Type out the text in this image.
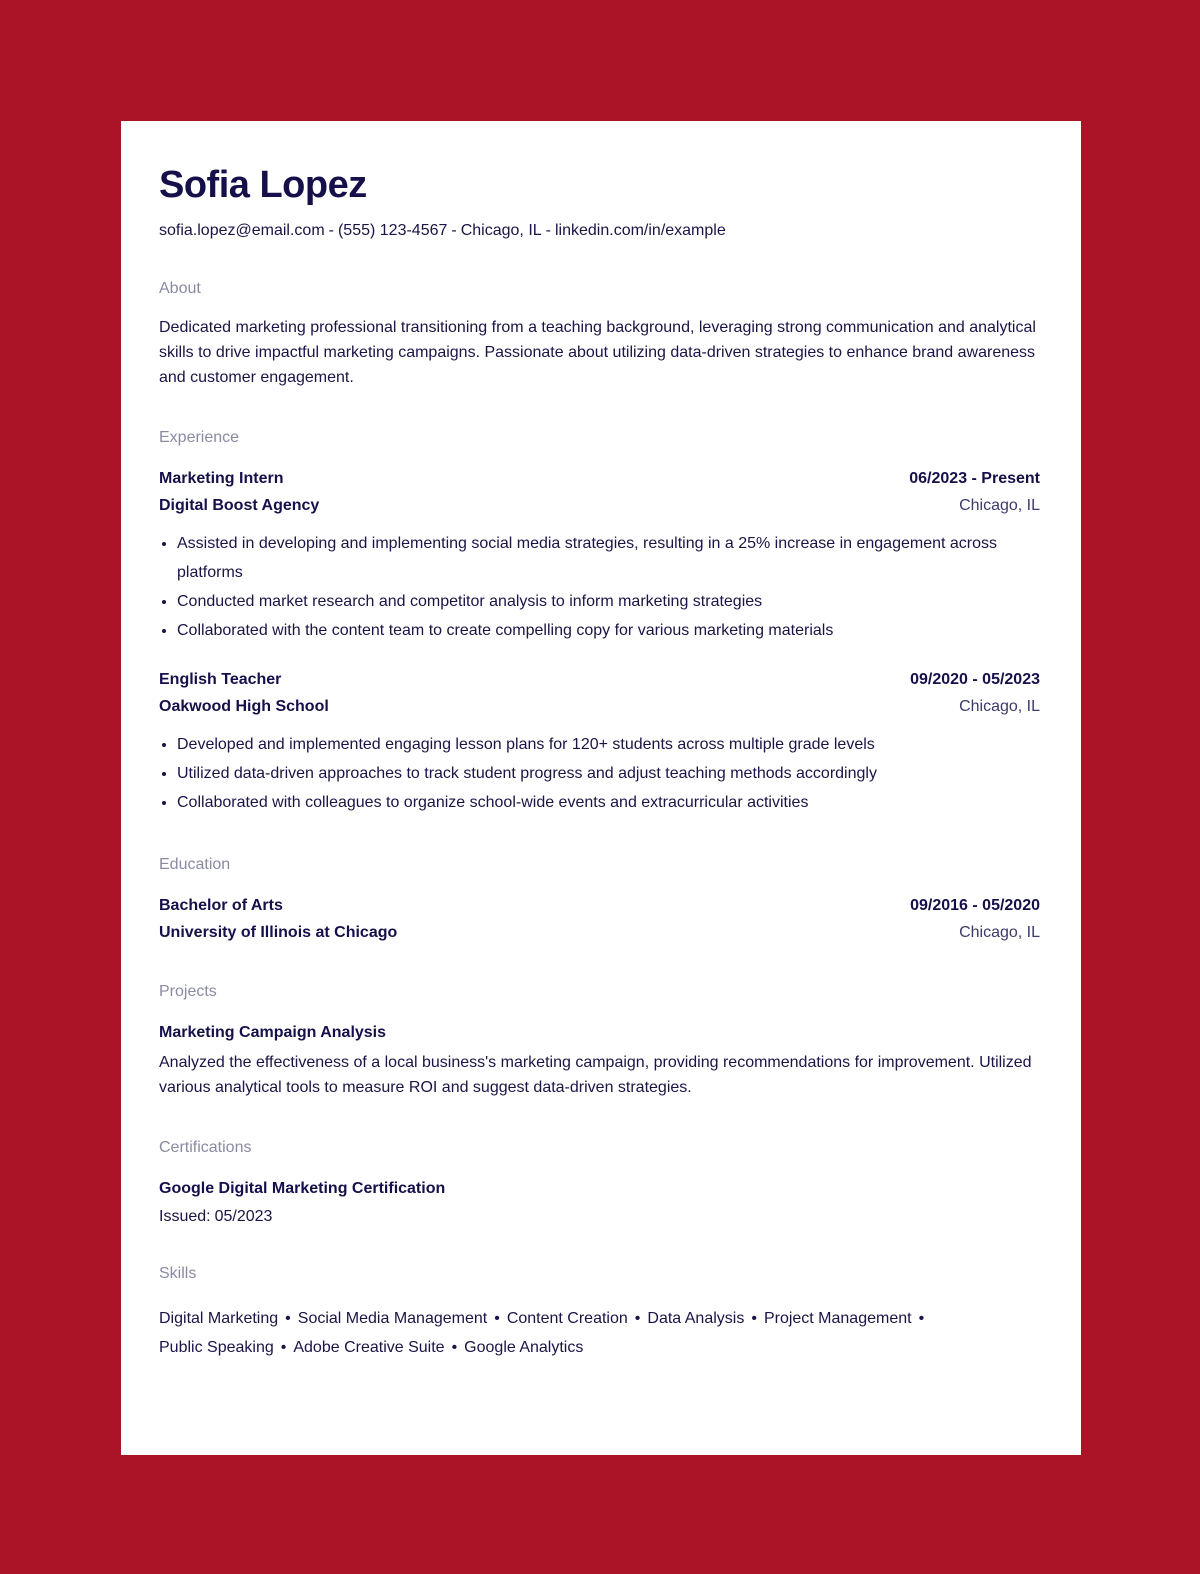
Sofia Lopez
sofia.lopez@email.com - (555) 123-4567 - Chicago, IL - linkedin.com/in/example
About
Dedicated marketing professional transitioning from a teaching background, leveraging strong communication and analytical skills to drive impactful marketing campaigns. Passionate about utilizing data-driven strategies to enhance brand awareness and customer engagement.
Experience
Marketing Intern	06/2023 - Present
Digital Boost Agency	Chicago, IL
• Assisted in developing and implementing social media strategies, resulting in a 25% increase in engagement across platforms
• Conducted market research and competitor analysis to inform marketing strategies
• Collaborated with the content team to create compelling copy for various marketing materials
English Teacher	09/2020 - 05/2023
Oakwood High School	Chicago, IL
• Developed and implemented engaging lesson plans for 120+ students across multiple grade levels
• Utilized data-driven approaches to track student progress and adjust teaching methods accordingly
• Collaborated with colleagues to organize school-wide events and extracurricular activities
Education
Bachelor of Arts	09/2016 - 05/2020
University of Illinois at Chicago	Chicago, IL
Projects
Marketing Campaign Analysis
Analyzed the effectiveness of a local business's marketing campaign, providing recommendations for improvement. Utilized various analytical tools to measure ROI and suggest data-driven strategies.
Certifications
Google Digital Marketing Certification
Issued: 05/2023
Skills
Digital Marketing • Social Media Management • Content Creation • Data Analysis • Project Management •
Public Speaking • Adobe Creative Suite • Google Analytics
